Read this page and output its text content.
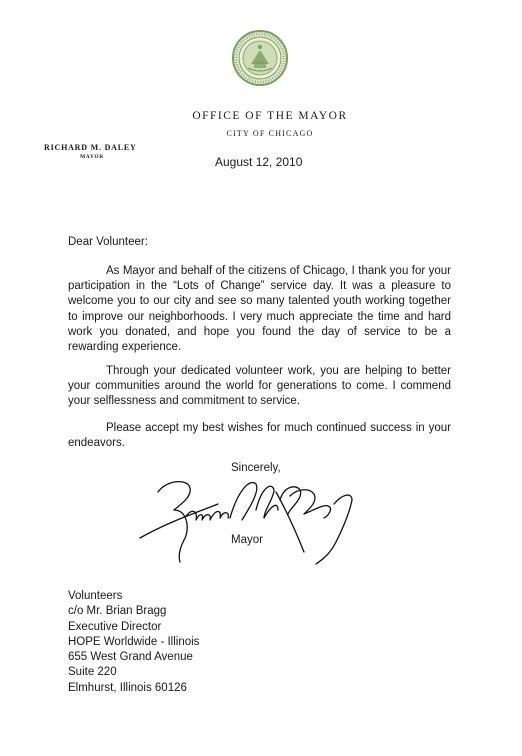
OFFICE OF THE MAYOR
CITY OF CHICAGO
RICHARD M. DALEY
MAYOR	August 12, 2010
Dear Volunteer:

As Mayor and behalf of the citizens of Chicago, I thank you for your participation in the “Lots of Change” service day. It was a pleasure to welcome you to our city and see so many talented youth working together to improve our neighborhoods. I very much appreciate the time and hard work you donated, and hope you found the day of service to be a rewarding experience.

Through your dedicated volunteer work, you are helping to better your communities around the world for generations to come. I commend your selflessness and commitment to service.

Please accept my best wishes for much continued success in your endeavors.

Sincerely,
Mayor
Volunteers
c/o Mr. Brian Bragg
Executive Director
HOPE Worldwide - Illinois
655 West Grand Avenue
Suite 220
Elmhurst, Illinois 60126
